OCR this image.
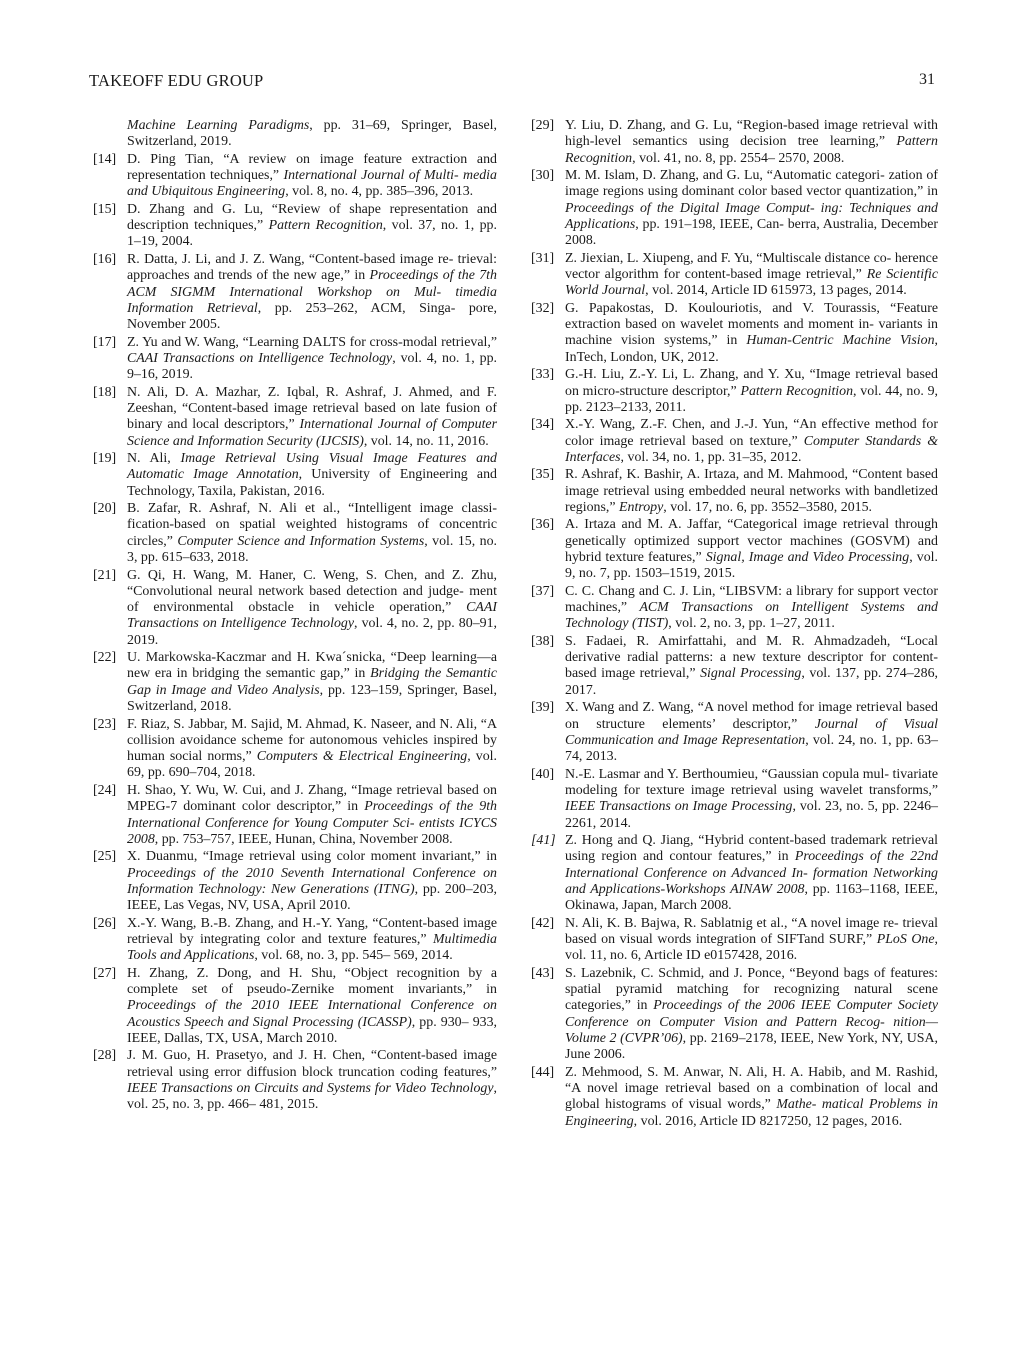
TAKEOFF EDU GROUP	31
Machine Learning Paradigms, pp. 31–69, Springer, Basel, Switzerland, 2019.
[14] D. Ping Tian, “A review on image feature extraction and representation techniques,” International Journal of Multi- media and Ubiquitous Engineering, vol. 8, no. 4, pp. 385–396, 2013.
[15] D. Zhang and G. Lu, “Review of shape representation and description techniques,” Pattern Recognition, vol. 37, no. 1, pp. 1–19, 2004.
[16] R. Datta, J. Li, and J. Z. Wang, “Content-based image re- trieval: approaches and trends of the new age,” in Proceedings of the 7th ACM SIGMM International Workshop on Mul- timedia Information Retrieval, pp. 253–262, ACM, Singa- pore, November 2005.
[17] Z. Yu and W. Wang, “Learning DALTS for cross-modal retrieval,” CAAI Transactions on Intelligence Technology, vol. 4, no. 1, pp. 9–16, 2019.
[18] N. Ali, D. A. Mazhar, Z. Iqbal, R. Ashraf, J. Ahmed, and F. Zeeshan, “Content-based image retrieval based on late fusion of binary and local descriptors,” International Journal of Computer Science and Information Security (IJCSIS), vol. 14, no. 11, 2016.
[19] N. Ali, Image Retrieval Using Visual Image Features and Automatic Image Annotation, University of Engineering and Technology, Taxila, Pakistan, 2016.
[20] B. Zafar, R. Ashraf, N. Ali et al., “Intelligent image classi- fication-based on spatial weighted histograms of concentric circles,” Computer Science and Information Systems, vol. 15, no. 3, pp. 615–633, 2018.
[21] G. Qi, H. Wang, M. Haner, C. Weng, S. Chen, and Z. Zhu, “Convolutional neural network based detection and judge- ment of environmental obstacle in vehicle operation,” CAAI Transactions on Intelligence Technology, vol. 4, no. 2, pp. 80–91, 2019.
[22] U. Markowska-Kaczmar and H. Kwa´snicka, “Deep learning—a new era in bridging the semantic gap,” in Bridging the Semantic Gap in Image and Video Analysis, pp. 123–159, Springer, Basel, Switzerland, 2018.
[23] F. Riaz, S. Jabbar, M. Sajid, M. Ahmad, K. Naseer, and N. Ali, “A collision avoidance scheme for autonomous vehicles inspired by human social norms,” Computers & Electrical Engineering, vol. 69, pp. 690–704, 2018.
[24] H. Shao, Y. Wu, W. Cui, and J. Zhang, “Image retrieval based on MPEG-7 dominant color descriptor,” in Proceedings of the 9th International Conference for Young Computer Sci- entists ICYCS 2008, pp. 753–757, IEEE, Hunan, China, November 2008.
[25] X. Duanmu, “Image retrieval using color moment invariant,” in Proceedings of the 2010 Seventh International Conference on Information Technology: New Generations (ITNG), pp. 200–203, IEEE, Las Vegas, NV, USA, April 2010.
[26] X.-Y. Wang, B.-B. Zhang, and H.-Y. Yang, “Content-based image retrieval by integrating color and texture features,” Multimedia Tools and Applications, vol. 68, no. 3, pp. 545– 569, 2014.
[27] H. Zhang, Z. Dong, and H. Shu, “Object recognition by a complete set of pseudo-Zernike moment invariants,” in Proceedings of the 2010 IEEE International Conference on Acoustics Speech and Signal Processing (ICASSP), pp. 930– 933, IEEE, Dallas, TX, USA, March 2010.
[28] J. M. Guo, H. Prasetyo, and J. H. Chen, “Content-based image retrieval using error diffusion block truncation coding features,” IEEE Transactions on Circuits and Systems for Video Technology, vol. 25, no. 3, pp. 466– 481, 2015.
[29] Y. Liu, D. Zhang, and G. Lu, “Region-based image retrieval with high-level semantics using decision tree learning,” Pattern Recognition, vol. 41, no. 8, pp. 2554– 2570, 2008.
[30] M. M. Islam, D. Zhang, and G. Lu, “Automatic categori- zation of image regions using dominant color based vector quantization,” in Proceedings of the Digital Image Comput- ing: Techniques and Applications, pp. 191–198, IEEE, Can- berra, Australia, December 2008.
[31] Z. Jiexian, L. Xiupeng, and F. Yu, “Multiscale distance co- herence vector algorithm for content-based image retrieval,” Re Scientific World Journal, vol. 2014, Article ID 615973, 13 pages, 2014.
[32] G. Papakostas, D. Koulouriotis, and V. Tourassis, “Feature extraction based on wavelet moments and moment in- variants in machine vision systems,” in Human-Centric Machine Vision, InTech, London, UK, 2012.
[33] G.-H. Liu, Z.-Y. Li, L. Zhang, and Y. Xu, “Image retrieval based on micro-structure descriptor,” Pattern Recognition, vol. 44, no. 9, pp. 2123–2133, 2011.
[34] X.-Y. Wang, Z.-F. Chen, and J.-J. Yun, “An effective method for color image retrieval based on texture,” Computer Standards & Interfaces, vol. 34, no. 1, pp. 31–35, 2012.
[35] R. Ashraf, K. Bashir, A. Irtaza, and M. Mahmood, “Content based image retrieval using embedded neural networks with bandletized regions,” Entropy, vol. 17, no. 6, pp. 3552–3580, 2015.
[36] A. Irtaza and M. A. Jaffar, “Categorical image retrieval through genetically optimized support vector machines (GOSVM) and hybrid texture features,” Signal, Image and Video Processing, vol. 9, no. 7, pp. 1503–1519, 2015.
[37] C. C. Chang and C. J. Lin, “LIBSVM: a library for support vector machines,” ACM Transactions on Intelligent Systems and Technology (TIST), vol. 2, no. 3, pp. 1–27, 2011.
[38] S. Fadaei, R. Amirfattahi, and M. R. Ahmadzadeh, “Local derivative radial patterns: a new texture descriptor for content-based image retrieval,” Signal Processing, vol. 137, pp. 274–286, 2017.
[39] X. Wang and Z. Wang, “A novel method for image retrieval based on structure elements’ descriptor,” Journal of Visual Communication and Image Representation, vol. 24, no. 1, pp. 63–74, 2013.
[40] N.-E. Lasmar and Y. Berthoumieu, “Gaussian copula mul- tivariate modeling for texture image retrieval using wavelet transforms,” IEEE Transactions on Image Processing, vol. 23, no. 5, pp. 2246–2261, 2014.
[41] Z. Hong and Q. Jiang, “Hybrid content-based trademark retrieval using region and contour features,” in Proceedings of the 22nd International Conference on Advanced In- formation Networking and Applications-Workshops AINAW 2008, pp. 1163–1168, IEEE, Okinawa, Japan, March 2008.
[42] N. Ali, K. B. Bajwa, R. Sablatnig et al., “A novel image re- trieval based on visual words integration of SIFTand SURF,” PLoS One, vol. 11, no. 6, Article ID e0157428, 2016.
[43] S. Lazebnik, C. Schmid, and J. Ponce, “Beyond bags of features: spatial pyramid matching for recognizing natural scene categories,” in Proceedings of the 2006 IEEE Computer Society Conference on Computer Vision and Pattern Recog- nition—Volume 2 (CVPR’06), pp. 2169–2178, IEEE, New York, NY, USA, June 2006.
[44] Z. Mehmood, S. M. Anwar, N. Ali, H. A. Habib, and M. Rashid, “A novel image retrieval based on a combination of local and global histograms of visual words,” Mathe- matical Problems in Engineering, vol. 2016, Article ID 8217250, 12 pages, 2016.
